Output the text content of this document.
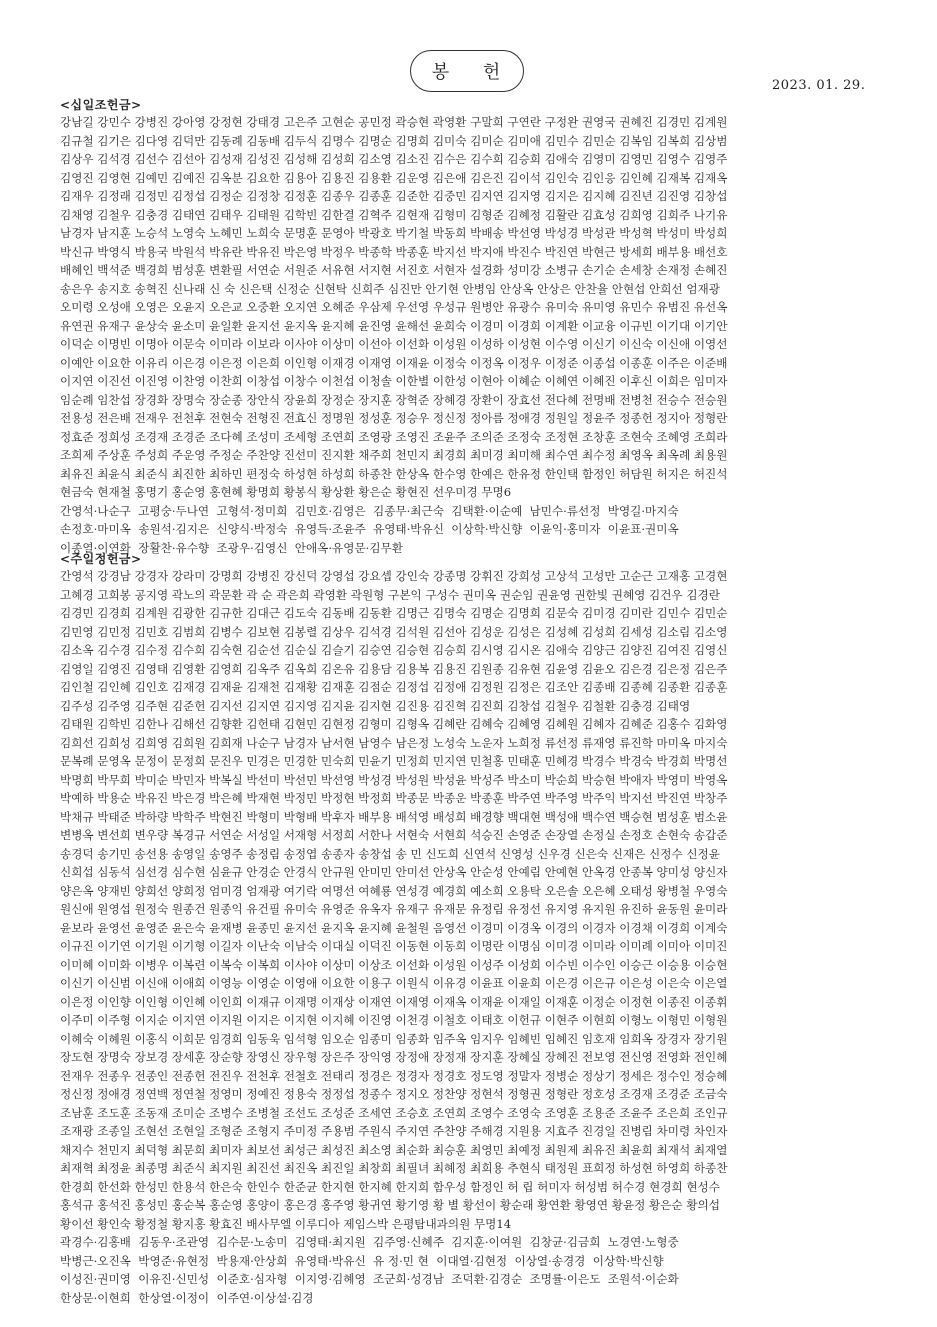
봉 헌
2023. 01. 29.
<십일조헌금>
강남길 강민수 강병진 강아영 강정현 강태경 고은주 고현순 공민정 곽승현 곽영환 구말희 구연란 구정완 권영국 권혜진 김경민 김계원
김규철 김기은 김다영 김덕만 김동례 김동배 김두식 김명수 김명순 김명희 김미숙 김미순 김미애 김민수 김민순 김복임 김복희 김상범
김상우 김석경 김선수 김선아 김성재 김성진 김성해 김성희 김소영 김소진 김수은 김수희 김승희 김애숙 김영미 김영민 김영수 김영주
김영진 김영현 김예민 김예진 김옥분 김요한 김용아 김용진 김용환 김운영 김은애 김은진 김이석 김인숙 김인응 김인혜 김재복 김재옥
김재우 김정래 김정민 김정섭 김정순 김정창 김정훈 김종우 김종훈 김준한 김중민 김지연 김지영 김지은 김지혜 김진년 김진영 김창섭
김채영 김철우 김충경 김태연 김태우 김태원 김학빈 김한결 김혁주 김현재 김형미 김형준 김혜정 김활란 김효성 김희영 김희주 나기유
남경자 남지훈 노승석 노영숙 노혜민 노희숙 문명훈 문영아 박광호 박기철 박동희 박배송 박선영 박성경 박성관 박성혁 박성미 박성희
박신규 박영식 박용국 박원석 박유란 박유진 박은영 박정우 박종학 박종훈 박지선 박지애 박진수 박진연 박현근 방세희 배부용 배선호
배혜인 백석준 백경희 범성훈 변환필 서연순 서원준 서유현 서지현 서진호 서현자 설경화 성미강 소병규 손기순 손세창 손재정 손혜진
송은우 송지호 송혁진 신나래 신 숙 신은택 신정순 신현탁 신희주 심진만 안기현 안병임 안상옥 안상은 안찬율 안현섭 안희선 엄재광
오미령 오성애 오영은 오윤지 오은교 오중환 오지연 오혜준 우삼제 우선영 우성규 원병안 유광수 유미숙 유미영 유민수 유범진 유선옥
유연권 유재구 윤상숙 윤소미 윤일환 윤지선 윤지옥 윤지혜 윤진영 윤해선 윤희숙 이경미 이경희 이계환 이교융 이규빈 이기대 이기안
이덕순 이명빈 이명아 이문숙 이미라 이보라 이사야 이상미 이선아 이선화 이성원 이성하 이성현 이수영 이신기 이신숙 이신애 이영선
이예안 이요한 이유리 이은경 이은정 이은희 이인형 이재경 이재영 이재윤 이정숙 이정옥 이정우 이정준 이종섭 이종훈 이주은 이준배
이지연 이진선 이진영 이찬영 이찬희 이창섭 이창수 이천섭 이청솔 이한별 이한성 이현아 이혜순 이혜연 이혜진 이후신 이희은 임미자
임순례 임찬섭 장경화 장명숙 장순종 장안식 장윤희 장정순 장지훈 장혁준 장혜경 장환이 장효선 전다혜 전명배 전병천 전승수 전승원
전용성 전은배 전재우 전천후 전현숙 전형진 전효신 정명원 정성훈 정승우 정신정 정아름 정애경 정원일 정윤주 정종헌 정지아 정형란
정효준 정희성 조경재 조경준 조다혜 조성미 조세형 조연희 조영광 조영진 조윤주 조의준 조정숙 조정현 조창훈 조현숙 조혜영 조희라
조희제 주상훈 주성희 주운영 주정순 주찬양 진선미 진지환 채주희 천민지 최경희 최미경 최미해 최수연 최수정 최영옥 최옥례 최용원
최유진 최윤식 최준식 최진한 최하민 편정숙 하성현 하성희 하종찬 한상옥 한수영 한예은 한유정 한인택 함정인 허담원 허지은 허진석
현금숙 현재철 홍명기 홍순영 홍현혜 황명희 황봉식 황상환 황은순 황현진 선우미경 무명6
간영석·나순구  고평숭·두나연  고형석·정미희  김민호·김영은  김종무·최근숙  김택환·이순예  남민수·류선정  박영길·마지숙
손정호·마미옥  송원석·김지은  신양식·박정숙  유영득·조윤주  유영태·박유신  이상학·박신향  이윤익·홍미자  이윤표·권미옥
이종열·이연화  장활찬·유수향  조광우·김영신  안애옥·유영문·김무환
<주일정헌금>
간영석 강경남 강경자 강라미 강명희 강병진 강신덕 강영섭 강요셉 강인숙 강종명 강휘진 강희성 고상석 고성만 고순근 고재홍 고경현
고혜경 고희봉 공지영 곽노의 곽문환 곽 순 곽은희 곽영환 곽원형 구본익 구성수 권미옥 권순임 권윤영 권한빛 권혜영 김건우 김경란
김경민 김경희 김계원 김광한 김규한 김대근 김도숙 김동배 김동환 김명근 김명숙 김명순 김명희 김문숙 김미경 김미란 김민수 김민순
김민영 김민정 김민호 김범희 김병수 김보현 김봉렬 김상우 김석경 김석원 김선아 김성운 김성은 김성혜 김성희 김세성 김소림 김소영
김소옥 김수경 김수정 김수희 김숙현 김순선 김순실 김슬기 김승연 김승현 김승희 김시영 김시온 김애숙 김양근 김양진 김여진 김영신
김영일 김영진 김영태 김영환 김영희 김옥주 김옥희 김온유 김용담 김용복 김용진 김원종 김유현 김윤영 김윤오 김은경 김은정 김은주
김인철 김인혜 김인호 김재경 김재윤 김재천 김재황 김재훈 김점순 김정섭 김정애 김정원 김정은 김조안 김종배 김종혜 김종환 김종훈
김주성 김주영 김주현 김준헌 김지선 김지연 김지영 김지윤 김지현 김진용 김진혁 김진희 김창섭 김철우 김철환 김충경 김태영
김태원 김학빈 김한나 김해선 김향환 김헌태 김현민 김현정 김형미 김형옥 김혜란 김혜숙 김혜영 김혜원 김혜자 김혜준 김홍수 김화영
김희선 김희성 김희영 김희원 김희재 나순구 남경자 남서현 남영수 남은정 노성숙 노운자 노희정 류선정 류재영 류진학 마미옥 마지숙
문복례 문영옥 문정이 문정희 문진우 민경은 민경한 민숙희 민윤기 민정희 민지연 민철홍 민태훈 민혜경 박경수 박경숙 박경희 박명선
박명희 박무희 박미순 박민자 박복실 박선미 박선민 박선영 박성경 박성원 박성윤 박성주 박소미 박순희 박승현 박애자 박영미 박영옥
박예하 박용순 박유진 박은경 박은혜 박재현 박정민 박정현 박정희 박종문 박종운 박종훈 박주연 박주영 박주익 박지선 박진연 박창주
박채규 박태준 박하량 박학주 박현진 박형미 박형배 박후자 배부용 배석영 배성희 배경향 백대현 백성애 백수연 백승현 범성훈 범소윤
변병옥 변선희 변우량 복경규 서연순 서성일 서재형 서정희 서한나 서현숙 서현희 석승진 손영준 손장열 손정실 손정호 손현숙 송갑준
송경덕 송기민 송선용 송영일 송영주 송정림 송정엽 송종자 송창섭 송 민 신도희 신연석 신영성 신우경 신은숙 신재은 신정수 신정윤
신희섭 심동석 심선경 심수현 심윤규 안경순 안경식 안규원 안미민 안미선 안상옥 안순성 안예림 안예현 안옥경 안종복 양미성 양신자
양은옥 양재빈 양희선 양희정 엄미경 엄재광 여기락 여명선 여혜룡 연성경 예경희 예소희 오용탁 오은솔 오은혜 오태성 왕병철 우영숙
원신애 원영섭 원정숙 원종건 원종익 유건필 유미숙 유영준 유옥자 유재구 유재문 유정림 유정선 유지영 유지원 유진하 윤동원 윤미라
윤보라 윤영선 윤영준 윤은숙 윤재병 윤종민 윤지선 윤지옥 윤지혜 윤철원 음영선 이경미 이경옥 이경의 이경자 이경채 이경희 이계숙
이규진 이기연 이기원 이기형 이길자 이난숙 이남숙 이대실 이덕진 이동현 이동희 이명란 이명심 이미경 이미라 이미례 이미아 이미진
이미혜 이미화 이병우 이복련 이복숙 이복희 이사야 이상미 이상조 이선화 이성원 이성주 이성희 이수빈 이수인 이승근 이승용 이승현
이신기 이신범 이신애 이애희 이영능 이영순 이영애 이요한 이용구 이원식 이유경 이윤표 이윤희 이은경 이은규 이은성 이은숙 이은열
이은정 이인향 이인형 이인혜 이인희 이재규 이재명 이재상 이재연 이재영 이재옥 이재윤 이재일 이재훈 이정순 이정현 이종진 이종휘
이주미 이주형 이지순 이지연 이지원 이지은 이지현 이지혜 이진영 이천경 이철호 이태호 이헌규 이현주 이현희 이형노 이형민 이형원
이혜숙 이혜원 이홍식 이희문 임경희 임동욱 임석형 임오순 임종미 임종화 임주옥 임지우 임혜빈 임혜진 임호재 임희옥 장경자 장기원
장도현 장명숙 장보경 장세훈 장순향 장영신 장우형 장은주 장익영 장정애 장정재 장지훈 장혜실 장혜진 전보영 전신영 전영화 전인혜
전재우 전종우 전종인 전종헌 전진우 전천후 전철호 전태리 정경은 정경자 정경호 정도영 정말자 정병순 정상기 정세은 정수인 정승혜
정신정 정애경 정연백 정연철 정영미 정예진 정용숙 정정섭 정종수 정지오 정찬양 정현석 정형권 정형란 정호성 조경재 조경준 조금숙
조남훈 조도훈 조동재 조미순 조병수 조병철 조선도 조성준 조세연 조승호 조연희 조영수 조영숙 조영훈 조용준 조윤주 조은희 조인규
조재광 조종일 조현선 조현일 조형준 조형지 주미정 주용범 주원식 주지연 주찬양 주해경 지원용 지효주 진경일 진병림 차미령 차인자
채지수 천민지 최덕형 최문희 최미자 최보선 최성근 최성진 최소영 최순화 최승훈 최영민 최예정 최원제 최유진 최윤희 최재석 최재열
최재혁 최정윤 최종명 최준식 최지원 최진선 최진옥 최진일 최창희 최필녀 최혜정 최희용 추현식 태정원 표희정 하성현 하영희 하종찬
한경희 한선화 한성민 한용석 한은숙 한인수 한준균 한지현 한지혜 한지희 함우성 함정인 허 립 허미자 허성범 허수경 현경희 현성수
홍석규 홍석진 홍성민 홍순복 홍순영 홍양이 홍은경 홍주영 황귀연 황기영 황 별 황선이 황순래 황연환 황영연 황윤정 황은순 황의섭
황이선 황인숙 황정철 황지홍 황효진 배사무엘 이루디아 제임스박 은평탐내과의원 무명14
곽경수·김홍배  김동우·조관영  김수문·노송미  김영태·최지원  김주영·신혜주  김지훈·이여원  김창균·김금희  노경연·노형중
박병근·오진옥  박영준·유현정  박용재·안상희  유영태·박유신  유 정·민 현  이대열·김현정  이상열·송경경  이상학·박신향
이성진·권미영  이유진·신민성  이준호·심자형  이지영·김혜영  조군희·성경남  조덕환·김경순  조명률·이은도  조원석·이순화
한상문·이현희  한상열·이정이  이주연·이상설·김경
